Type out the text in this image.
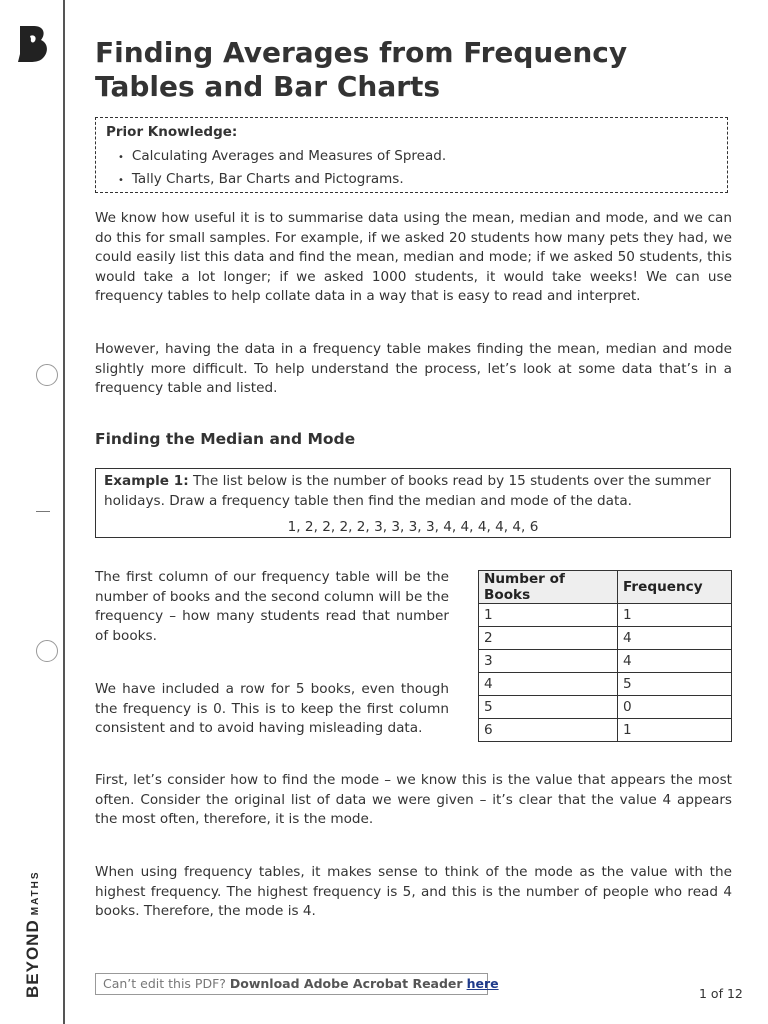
BEYONDMATHS
Finding Averages from Frequency Tables and Bar Charts
Prior Knowledge:
• Calculating Averages and Measures of Spread.
• Tally Charts, Bar Charts and Pictograms.

We know how useful it is to summarise data using the mean, median and mode, and we can do this for small samples. For example, if we asked 20 students how many pets they had, we could easily list this data and find the mean, median and mode; if we asked 50 students, this would take a lot longer; if we asked 1000 students, it would take weeks! We can use frequency tables to help collate data in a way that is easy to read and interpret.

However, having the data in a frequency table makes finding the mean, median and mode slightly more difficult. To help understand the process, let’s look at some data that’s in a frequency table and listed.

Finding the Median and Mode
Example 1: The list below is the number of books read by 15 students over the summer holidays. Draw a frequency table then find the median and mode of the data.
1, 2, 2, 2, 2, 3, 3, 3, 3, 4, 4, 4, 4, 4, 6

The first column of our frequency table will be the number of books and the second column will be the frequency – how many students read that number of books.

We have included a row for 5 books, even though the frequency is 0. This is to keep the first column consistent and to avoid having misleading data.

Number of Books	Frequency
1	1
2	4
3	4
4	5
5	0
6	1

First, let’s consider how to find the mode – we know this is the value that appears the most often. Consider the original list of data we were given – it’s clear that the value 4 appears the most often, therefore, it is the mode.

When using frequency tables, it makes sense to think of the mode as the value with the highest frequency. The highest frequency is 5, and this is the number of people who read 4 books. Therefore, the mode is 4.

Can’t edit this PDF? Download Adobe Acrobat Reader here
1 of 12
